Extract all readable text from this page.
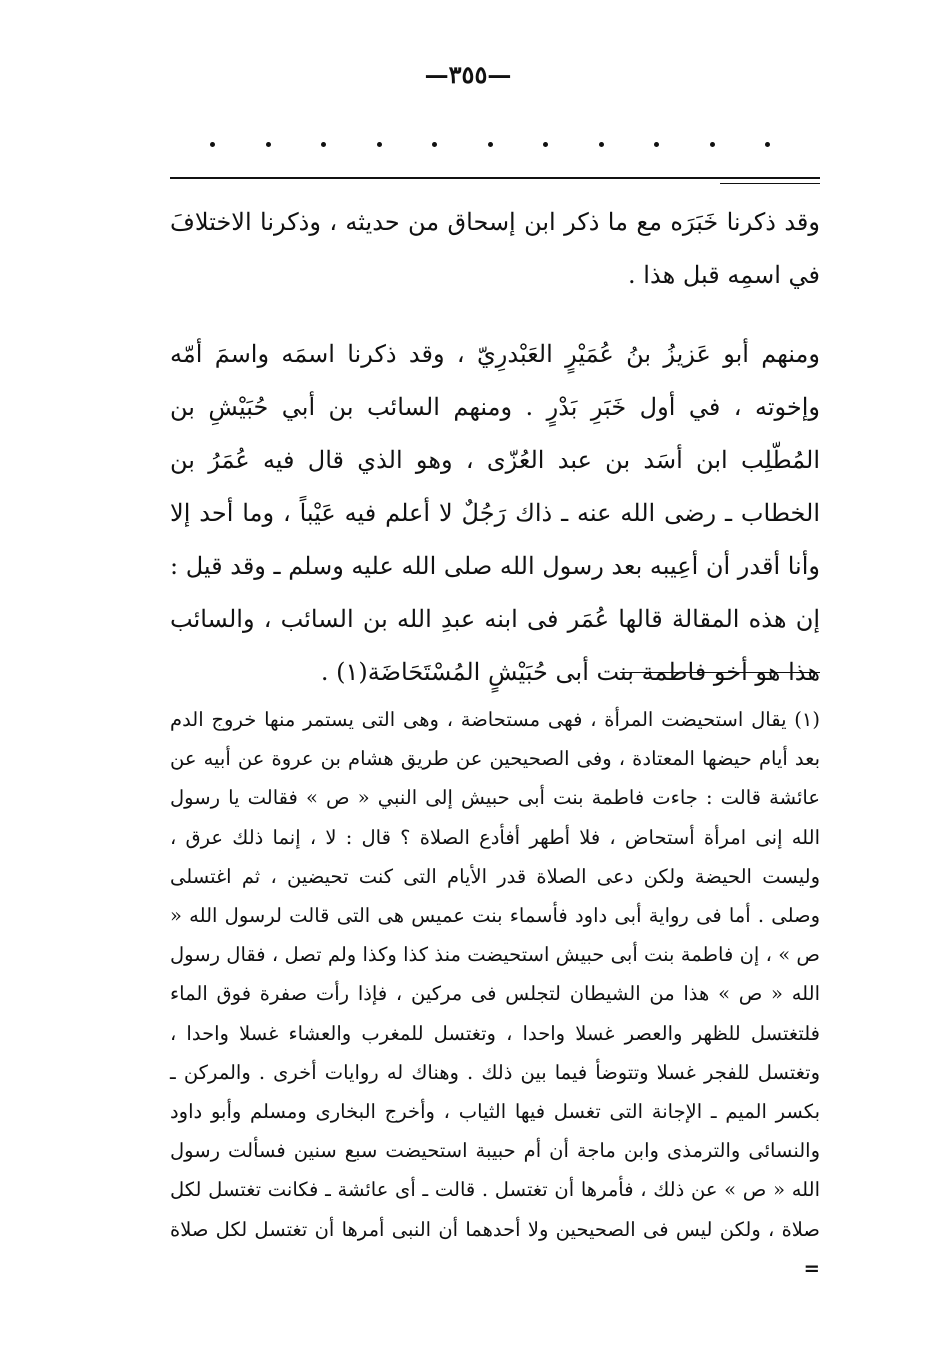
—٣٥٥—

وقد ذكرنا خَبَرَه مع ما ذكر ابن إسحاق من حديثه ، وذكرنا الاختلافَ في اسمِه قبل هذا .

ومنهم أبو عَزيزُ بنُ عُمَيْرٍ العَبْدرِيّ ، وقد ذكرنا اسمَه واسمَ أمّه وإخوته ، في أول خَبَرِ بَدْرٍ . ومنهم السائب بن أبي حُبَيْشِ بن المُطّلِب ابن أسَد بن عبد العُزّى ، وهو الذي قال فيه عُمَرُ بن الخطاب ـ رضى الله عنه ـ ذاك رَجُلٌ لا أعلم فيه عَيْباً ، وما أحد إلا وأنا أقدر أن أعِيبه بعد رسول الله صلى الله عليه وسلم ـ وقد قيل : إن هذه المقالة قالها عُمَر فى ابنه عبدِ الله بن السائب ، والسائب هذا هو أخو فاطمة بنت أبى حُبَيْشٍ المُسْتَحَاضَة(١) .

(١) يقال استحيضت المرأة ، فهى مستحاضة ، وهى التى يستمر منها خروج الدم بعد أيام حيضها المعتادة ، وفى الصحيحين عن طريق هشام بن عروة عن أبيه عن عائشة قالت : جاءت فاطمة بنت أبى حبيش إلى النبي « ص » فقالت يا رسول الله إنى امرأة أستحاض ، فلا أطهر أفأدع الصلاة ؟ قال : لا ، إنما ذلك عرق ، وليست الحيضة ولكن دعى الصلاة قدر الأيام التى كنت تحيضين ، ثم اغتسلى وصلى . أما فى رواية أبى داود فأسماء بنت عميس هى التى قالت لرسول الله « ص » ، إن فاطمة بنت أبى حبيش استحيضت منذ كذا وكذا ولم تصل ، فقال رسول الله « ص » هذا من الشيطان لتجلس فى مركين ، فإذا رأت صفرة فوق الماء فلتغتسل للظهر والعصر غسلا واحدا ، وتغتسل للمغرب والعشاء غسلا واحدا ، وتغتسل للفجر غسلا وتتوضأ فيما بين ذلك . وهناك له روايات أخرى . والمركن ـ بكسر الميم ـ الإجانة التى تغسل فيها الثياب ، وأخرج البخارى ومسلم وأبو داود والنسائى والترمذى وابن ماجة أن أم حبيبة استحيضت سبع سنين فسألت رسول الله « ص » عن ذلك ، فأمرها أن تغتسل . قالت ـ أى عائشة ـ فكانت تغتسل لكل صلاة ، ولكن ليس فى الصحيحين ولا أحدهما أن النبى أمرها أن تغتسل لكل صلاة =
